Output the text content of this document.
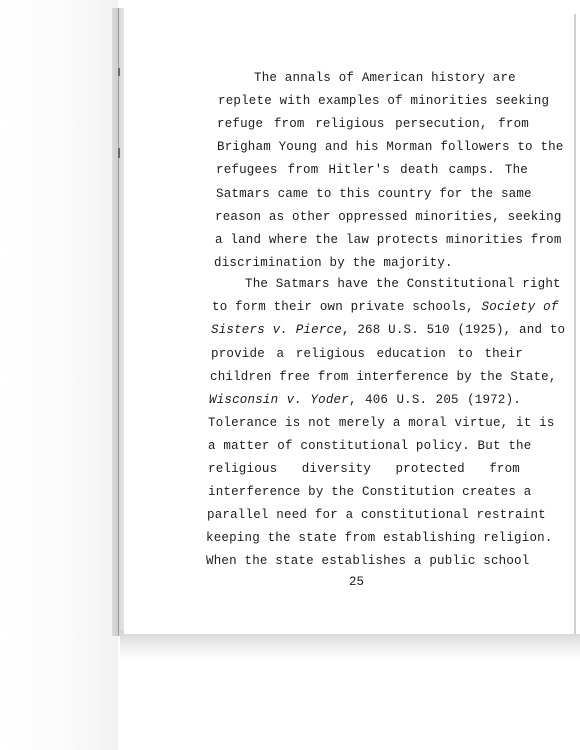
The annals of American history are
replete with examples of minorities seeking
refuge from religious persecution, from
Brigham Young and his Morman followers to the
refugees from Hitler's death camps. The
Satmars came to this country for the same
reason as other oppressed minorities, seeking
a land where the law protects minorities from
discrimination by the majority.
The Satmars have the Constitutional right
to form their own private schools, Society of
Sisters v. Pierce, 268 U.S. 510 (1925), and to
provide a religious education to their
children free from interference by the State,
Wisconsin v. Yoder, 406 U.S. 205 (1972).
Tolerance is not merely a moral virtue, it is
a matter of constitutional policy. But the
religious diversity protected from
interference by the Constitution creates a
parallel need for a constitutional restraint
keeping the state from establishing religion.
When the state establishes a public school
25
